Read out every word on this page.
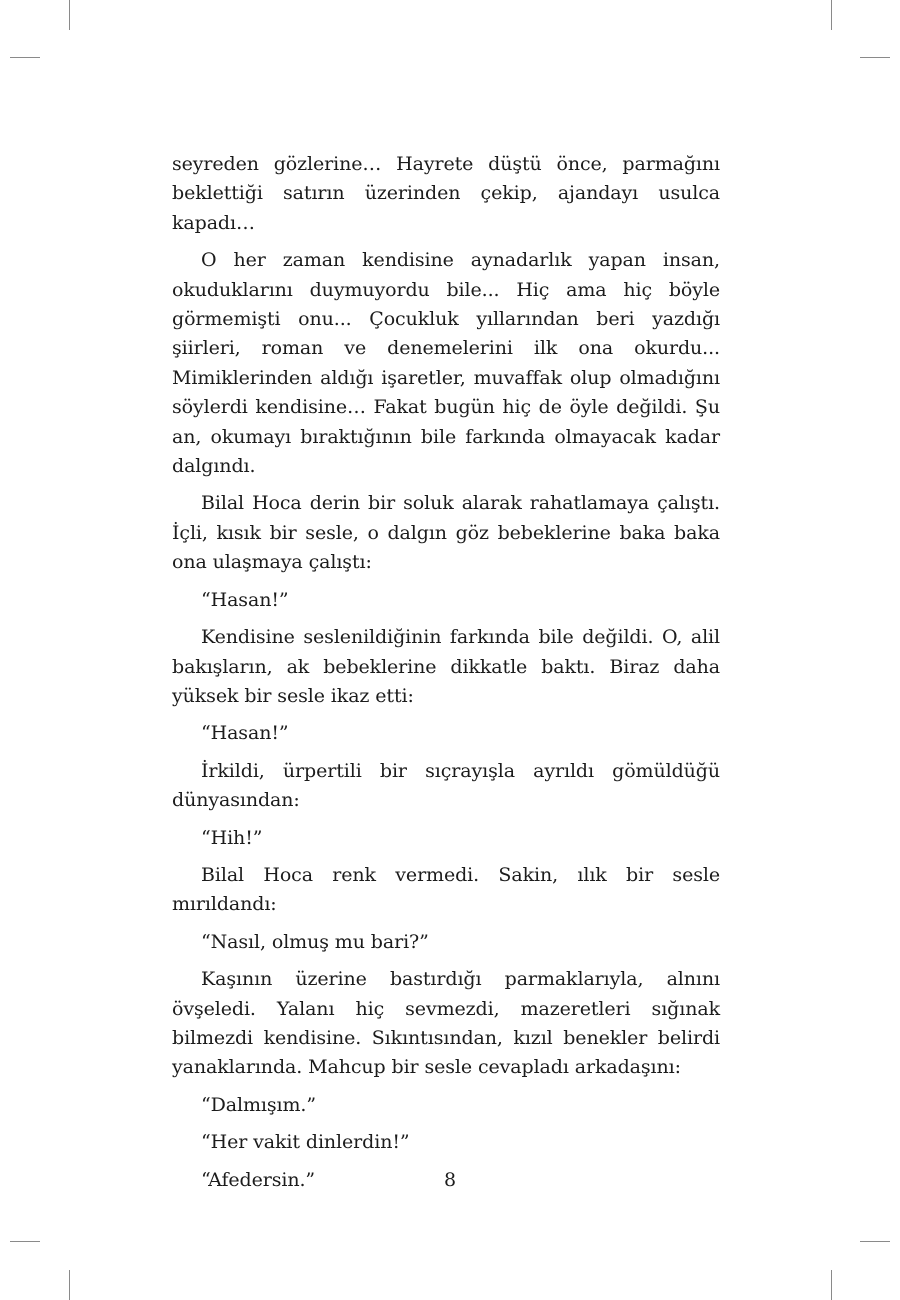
seyreden gözlerine… Hayrete düştü önce, parmağını beklettiği satırın üzerinden çekip, ajandayı usulca kapadı…

O her zaman kendisine aynadarlık yapan insan, okuduklarını duymuyordu bile... Hiç ama hiç böyle görmemişti onu... Çocukluk yıllarından beri yazdığı şiirleri, roman ve denemelerini ilk ona okurdu... Mimiklerinden aldığı işaretler, muvaffak olup olmadığını söylerdi kendisine… Fakat bugün hiç de öyle değildi. Şu an, okumayı bıraktığının bile farkında olmayacak kadar dalgındı.

Bilal Hoca derin bir soluk alarak rahatlamaya çalıştı. İçli, kısık bir sesle, o dalgın göz bebeklerine baka baka ona ulaşmaya çalıştı:

“Hasan!”

Kendisine seslenildiğinin farkında bile değildi. O, alil bakışların, ak bebeklerine dikkatle baktı. Biraz daha yüksek bir sesle ikaz etti:

“Hasan!”

İrkildi, ürpertili bir sıçrayışla ayrıldı gömüldüğü dünyasından:

“Hih!”

Bilal Hoca renk vermedi. Sakin, ılık bir sesle mırıldandı:

“Nasıl, olmuş mu bari?”

Kaşının üzerine bastırdığı parmaklarıyla, alnını övşeledi. Yalanı hiç sevmezdi, mazeretleri sığınak bilmezdi kendisine. Sıkıntısından, kızıl benekler belirdi yanaklarında. Mahcup bir sesle cevapladı arkadaşını:

“Dalmışım.”

“Her vakit dinlerdin!”

“Afedersin.”	8
